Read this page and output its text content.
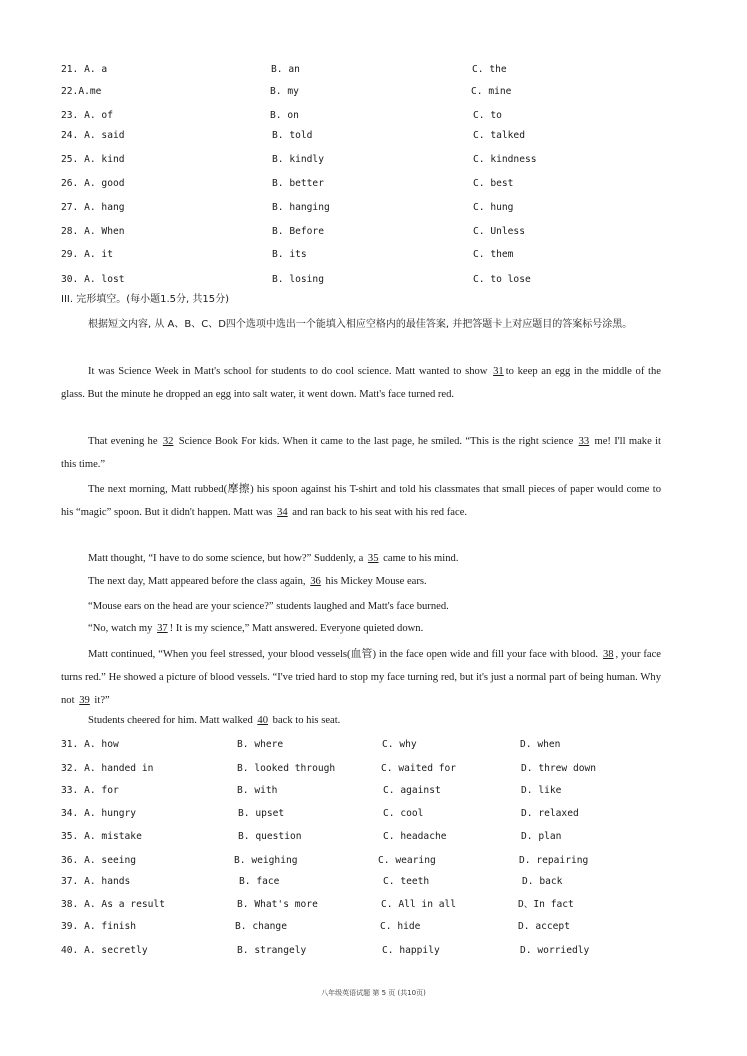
21. A. a	B. an	C. the
22.A.me	B. my	C. mine
23. A. of	B. on	C. to
24. A. said	B. told	C. talked
25. A. kind	B. kindly	C. kindness
26. A. good	B. better	C. best
27. A. hang	B. hanging	C. hung
28. A. When	B. Before	C. Unless
29. A. it	B. its	C. them
30. A. lost	B. losing	C. to lose
III. 完形填空。(每小题1.5分, 共15分)
根据短文内容, 从 A、B、C、D四个选项中选出一个能填入相应空格内的最佳答案, 并把答题卡上对应题目的答案标号涂黑。
It was Science Week in Matt's school for students to do cool science. Matt wanted to show 31 to keep an egg in the middle of the glass. But the minute he dropped an egg into salt water, it went down. Matt's face turned red.
That evening he 32 Science Book For kids. When it came to the last page, he smiled. “This is the right science 33 me! I'll make it this time.”
The next morning, Matt rubbed(摩擦) his spoon against his T-shirt and told his classmates that small pieces of paper would come to his “magic” spoon. But it didn't happen. Matt was 34 and ran back to his seat with his red face.
Matt thought, “I have to do some science, but how?” Suddenly, a 35 came to his mind.
The next day, Matt appeared before the class again, 36 his Mickey Mouse ears.
“Mouse ears on the head are your science?” students laughed and Matt's face burned.
“No, watch my 37 ! It is my science,” Matt answered. Everyone quieted down.
Matt continued, “When you feel stressed, your blood vessels(血管) in the face open wide and fill your face with blood. 38 , your face turns red.” He showed a picture of blood vessels. “I've tried hard to stop my face turning red, but it's just a normal part of being human. Why not 39 it?”
Students cheered for him. Matt walked 40 back to his seat.
31. A. how	B. where	C. why	D. when
32. A. handed in	B. looked through	C. waited for	D. threw down
33. A. for	B. with	C. against	D. like
34. A. hungry	B. upset	C. cool	D. relaxed
35. A. mistake	B. question	C. headache	D. plan
36. A. seeing	B. weighing	C. wearing	D. repairing
37. A. hands	B. face	C. teeth	D. back
38. A. As a result	B. What's more	C. All in all	D、In fact
39. A. finish	B. change	C. hide	D. accept
40. A. secretly	B. strangely	C. happily	D. worriedly
八年级英语试题 第 5 页 (共10页)
